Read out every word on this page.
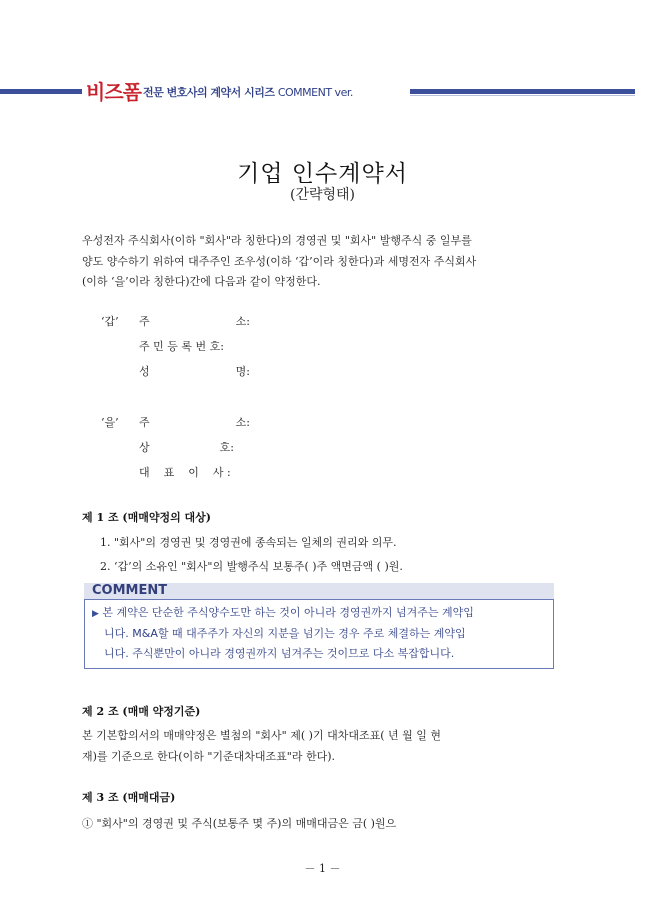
비즈폼 전문 변호사의 계약서 시리즈 COMMENT ver.
기업 인수계약서
(간략형태)
우성전자 주식회사(이하 "회사"라 칭한다)의 경영권 및 "회사" 발행주식 중 일부를
양도 양수하기 위하여 대주주인 조우성(이하 ‘갑’이라 칭한다)과 세명전자 주식회사
(이하 ‘을’이라 칭한다)간에 다음과 같이 약정한다.
‘갑’ 주	소:
주 민 등 록 번 호:
성	명:
‘을’ 주	소:
상	호:
대    표    이    사 :
제 1 조 (매매약정의 대상)
1. "회사"의 경영권 및 경영권에 종속되는 일체의 권리와 의무.
2. ‘갑’의 소유인 "회사"의 발행주식 보통주( )주 액면금액 ( )원.
COMMENT
▶ 본 계약은 단순한 주식양수도만 하는 것이 아니라 경영권까지 넘겨주는 계약입
니다. M&A할 때 대주주가 자신의 지분을 넘기는 경우 주로 체결하는 계약입
니다. 주식뿐만이 아니라 경영권까지 넘겨주는 것이므로 다소 복잡합니다.
제 2 조 (매매 약정기준)
본 기본합의서의 매매약정은 별첨의 "회사" 제( )기 대차대조표( 년 월 일 현
재)를 기준으로 한다(이하 "기준대차대조표"라 한다).
제 3 조 (매매대금)
① "회사"의 경영권 및 주식(보통주 몇 주)의 매매대금은 금( )원으
－ 1 －
